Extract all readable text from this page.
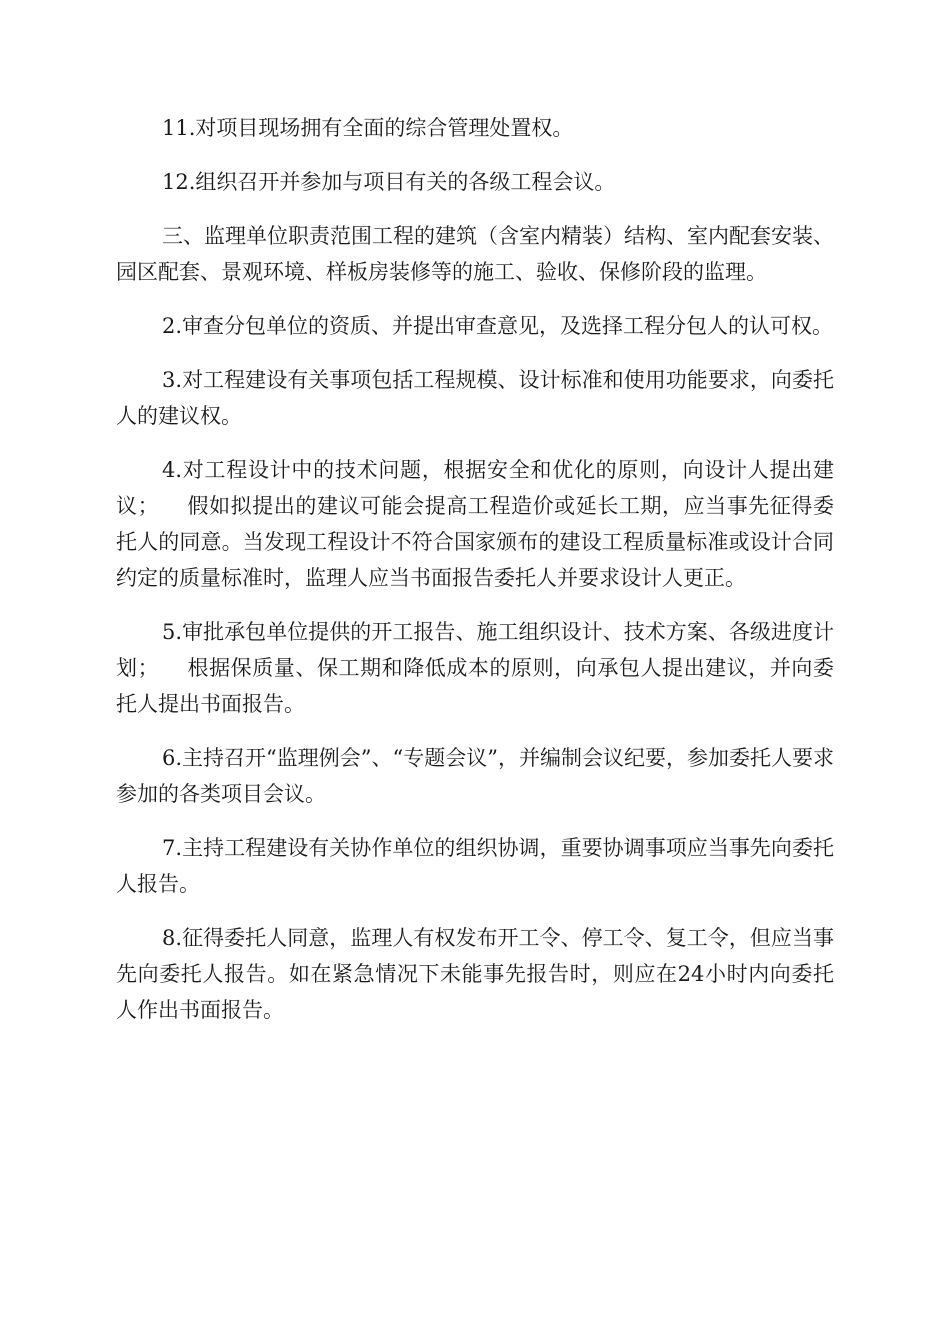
11.对项目现场拥有全面的综合管理处置权。

12.组织召开并参加与项目有关的各级工程会议。

三、监理单位职责范围工程的建筑（含室内精装）结构、室内配套安装、园区配套、景观环境、样板房装修等的施工、验收、保修阶段的监理。

2.审查分包单位的资质、并提出审查意见，及选择工程分包人的认可权。

3.对工程建设有关事项包括工程规模、设计标准和使用功能要求，向委托人的建议权。

4.对工程设计中的技术问题，根据安全和优化的原则，向设计人提出建议；    假如拟提出的建议可能会提高工程造价或延长工期，应当事先征得委托人的同意。当发现工程设计不符合国家颁布的建设工程质量标准或设计合同约定的质量标准时，监理人应当书面报告委托人并要求设计人更正。

5.审批承包单位提供的开工报告、施工组织设计、技术方案、各级进度计划；    根据保质量、保工期和降低成本的原则，向承包人提出建议，并向委托人提出书面报告。

6.主持召开“监理例会”、“专题会议”，并编制会议纪要，参加委托人要求参加的各类项目会议。

7.主持工程建设有关协作单位的组织协调，重要协调事项应当事先向委托人报告。

8.征得委托人同意，监理人有权发布开工令、停工令、复工令，但应当事先向委托人报告。如在紧急情况下未能事先报告时，则应在24小时内向委托人作出书面报告。
